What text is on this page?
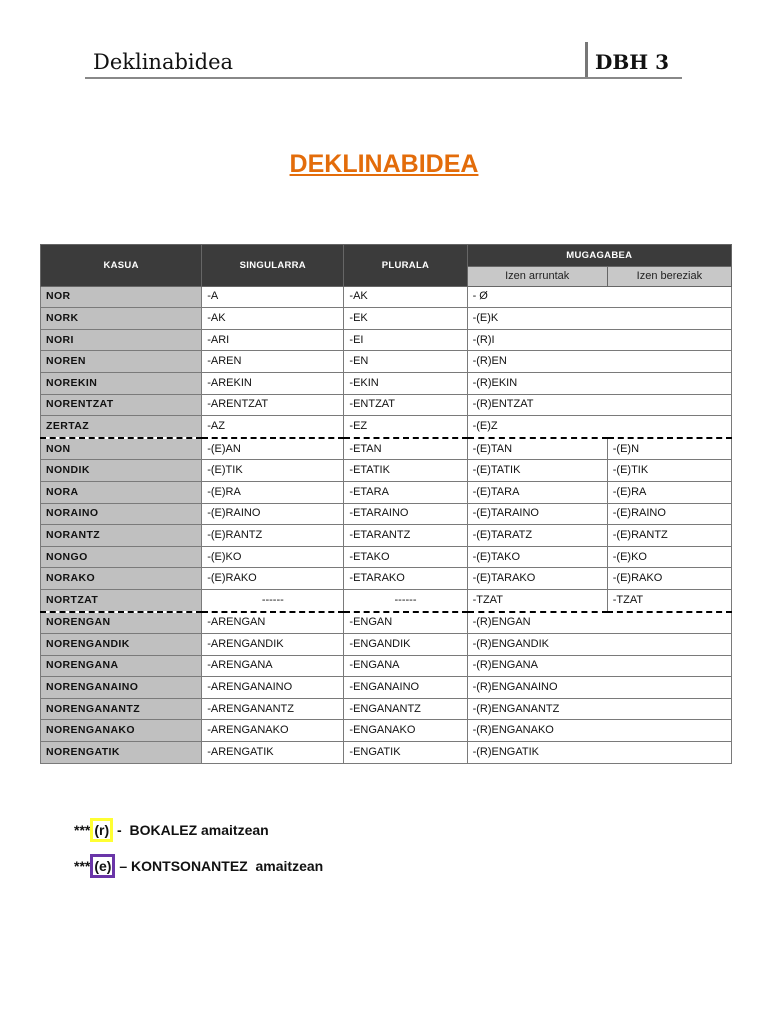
Deklinabidea	DBH 3
DEKLINABIDEA
KASUA	SINGULARRA	PLURALA	MUGAGABEA	
			Izen arruntak	Izen bereziak
NOR	-A	-AK	- Ø	
NORK	-AK	-EK	-(E)K	
NORI	-ARI	-EI	-(R)I	
NOREN	-AREN	-EN	-(R)EN	
NOREKIN	-AREKIN	-EKIN	-(R)EKIN	
NORENTZAT	-ARENTZAT	-ENTZAT	-(R)ENTZAT	
ZERTAZ	-AZ	-EZ	-(E)Z	
NON	-(E)AN	-ETAN	-(E)TAN	-(E)N
NONDIK	-(E)TIK	-ETATIK	-(E)TATIK	-(E)TIK
NORA	-(E)RA	-ETARA	-(E)TARA	-(E)RA
NORAINO	-(E)RAINO	-ETARAINO	-(E)TARAINO	-(E)RAINO
NORANTZ	-(E)RANTZ	-ETARANTZ	-(E)TARATZ	-(E)RANTZ
NONGO	-(E)KO	-ETAKO	-(E)TAKO	-(E)KO
NORAKO	-(E)RAKO	-ETARAKO	-(E)TARAKO	-(E)RAKO
NORTZAT	------	------	-TZAT	-TZAT
NORENGAN	-ARENGAN	-ENGAN	-(R)ENGAN	
NORENGANDIK	-ARENGANDIK	-ENGANDIK	-(R)ENGANDIK	
NORENGANA	-ARENGANA	-ENGANA	-(R)ENGANA	
NORENGANAINO	-ARENGANAINO	-ENGANAINO	-(R)ENGANAINO	
NORENGANANTZ	-ARENGANANTZ	-ENGANANTZ	-(R)ENGANANTZ	
NORENGANAKO	-ARENGANAKO	-ENGANAKO	-(R)ENGANAKO	
NORENGATIK	-ARENGATIK	-ENGATIK	-(R)ENGATIK	
*** (r) -  BOKALEZ amaitzean
*** (e) – KONTSONANTEZ  amaitzean
